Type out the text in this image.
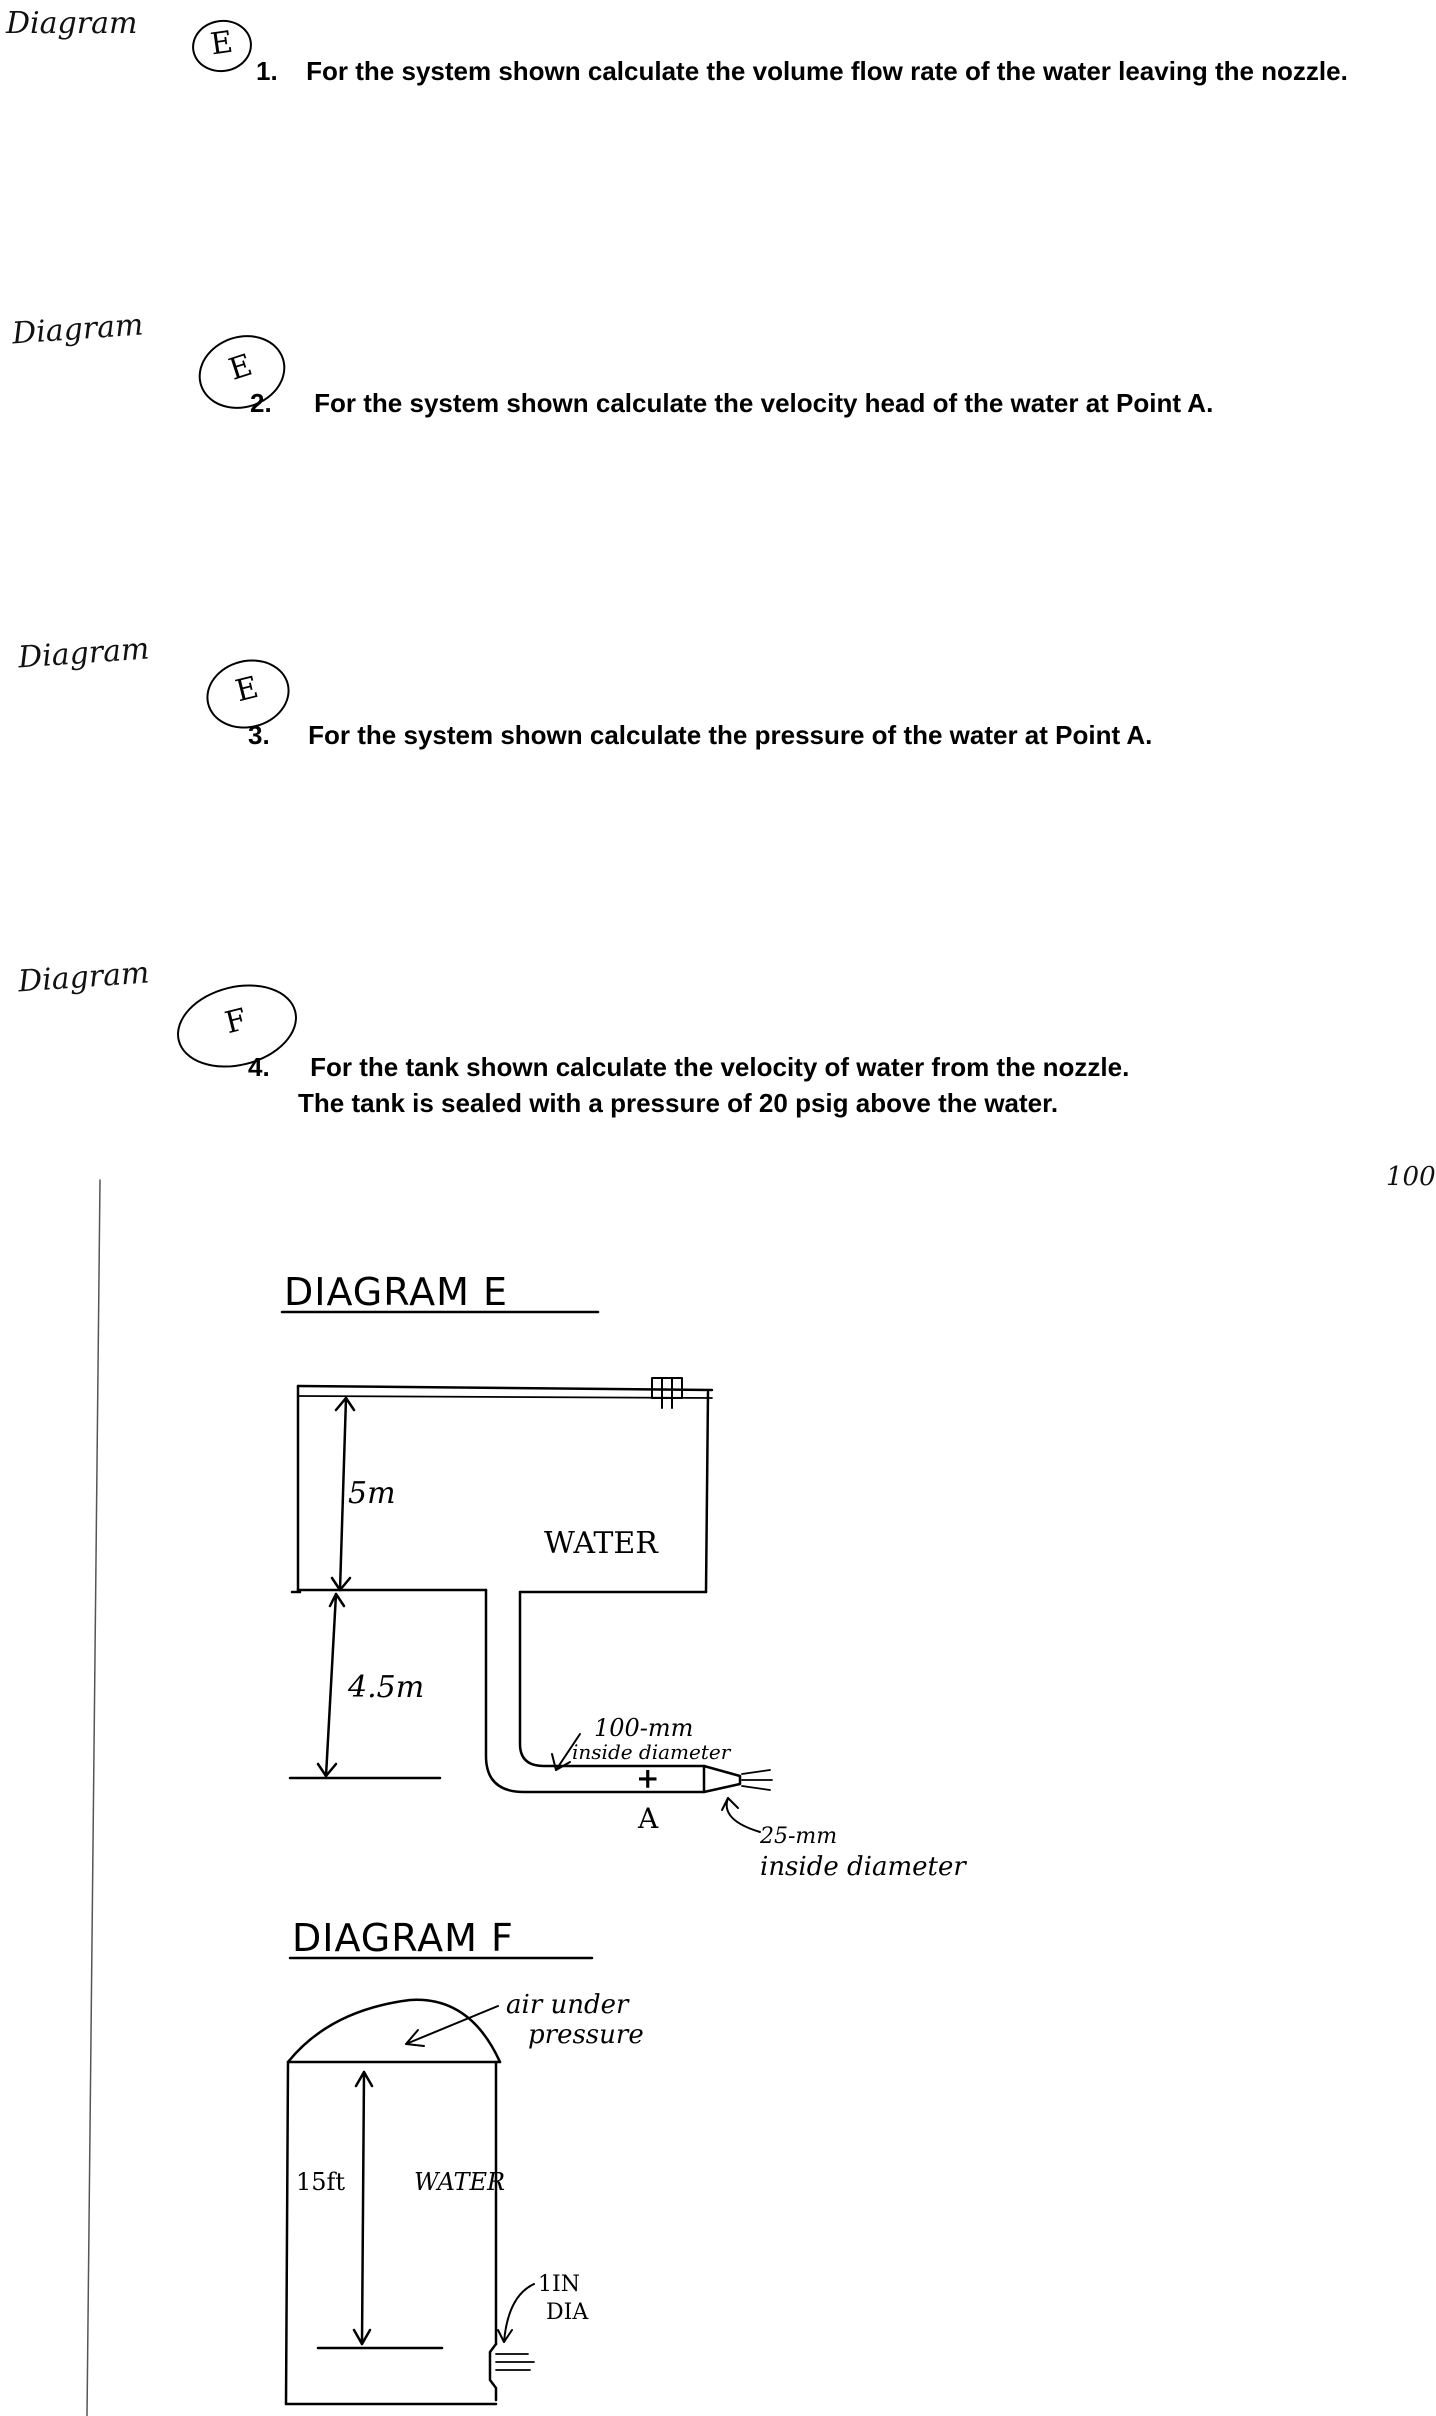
Diagram
E
1. For the system shown calculate the volume flow rate of the water leaving the nozzle.
Diagram
E
2. For the system shown calculate the velocity head of the water at Point A.
Diagram
E
3. For the system shown calculate the pressure of the water at Point A.
Diagram
F
4. For the tank shown calculate the velocity of water from the nozzle.
The tank is sealed with a pressure of 20 psig above the water.
100
DIAGRAM E
5m
4.5m
WATER
100-mm
inside diameter
+
A
25-mm
inside diameter
DIAGRAM F
air under
pressure
15ft	WATER
1IN
DIA
